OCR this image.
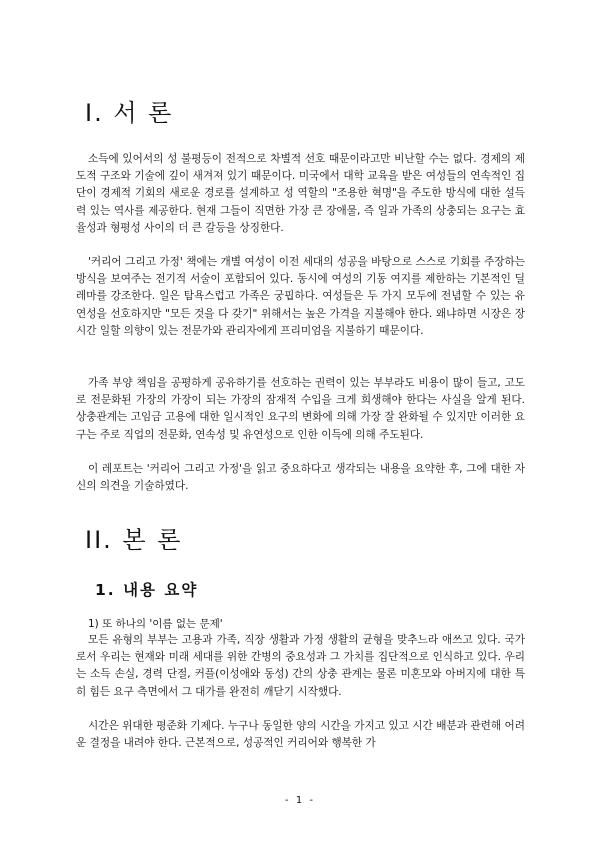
I. 서 론

소득에 있어서의 성 불평등이 전적으로 차별적 선호 때문이라고만 비난할 수는 없다. 경제의 제도적 구조와 기술에 깊이 새겨져 있기 때문이다. 미국에서 대학 교육을 받은 여성들의 연속적인 집단이 경제적 기회의 새로운 경로를 설계하고 성 역할의 "조용한 혁명"을 주도한 방식에 대한 설득력 있는 역사를 제공한다. 현재 그들이 직면한 가장 큰 장애물, 즉 일과 가족의 상충되는 요구는 효율성과 형평성 사이의 더 큰 갈등을 상징한다.

'커리어 그리고 가정' 책에는 개별 여성이 이전 세대의 성공을 바탕으로 스스로 기회를 주장하는 방식을 보여주는 전기적 서술이 포함되어 있다. 동시에 여성의 기동 여지를 제한하는 기본적인 딜레마를 강조한다. 일은 탐욕스럽고 가족은 궁핍하다. 여성들은 두 가지 모두에 전념할 수 있는 유연성을 선호하지만 "모든 것을 다 갖기" 위해서는 높은 가격을 지불해야 한다. 왜냐하면 시장은 장시간 일할 의향이 있는 전문가와 관리자에게 프리미엄을 지불하기 때문이다.

가족 부양 책임을 공평하게 공유하기를 선호하는 권력이 있는 부부라도 비용이 많이 들고, 고도로 전문화된 가장의 가장이 되는 가장의 잠재적 수입을 크게 희생해야 한다는 사실을 알게 된다. 상충관계는 고임금 고용에 대한 일시적인 요구의 변화에 의해 가장 잘 완화될 수 있지만 이러한 요구는 주로 직업의 전문화, 연속성 및 유연성으로 인한 이득에 의해 주도된다.

이 레포트는 '커리어 그리고 가정'을 읽고 중요하다고 생각되는 내용을 요약한 후, 그에 대한 자신의 의견을 기술하였다.

II. 본 론
1. 내용 요약

1) 또 하나의 '이름 없는 문제'

모든 유형의 부부는 고용과 가족, 직장 생활과 가정 생활의 균형을 맞추느라 애쓰고 있다. 국가로서 우리는 현재와 미래 세대를 위한 간병의 중요성과 그 가치를 집단적으로 인식하고 있다. 우리는 소득 손실, 경력 단절, 커플(이성애와 동성) 간의 상충 관계는 물론 미혼모와 아버지에 대한 특히 힘든 요구 측면에서 그 대가를 완전히 깨닫기 시작했다.

시간은 위대한 평준화 기제다. 누구나 동일한 양의 시간을 가지고 있고 시간 배분과 관련해 어려운 결정을 내려야 한다. 근본적으로, 성공적인 커리어와 행복한 가

- 1 -
